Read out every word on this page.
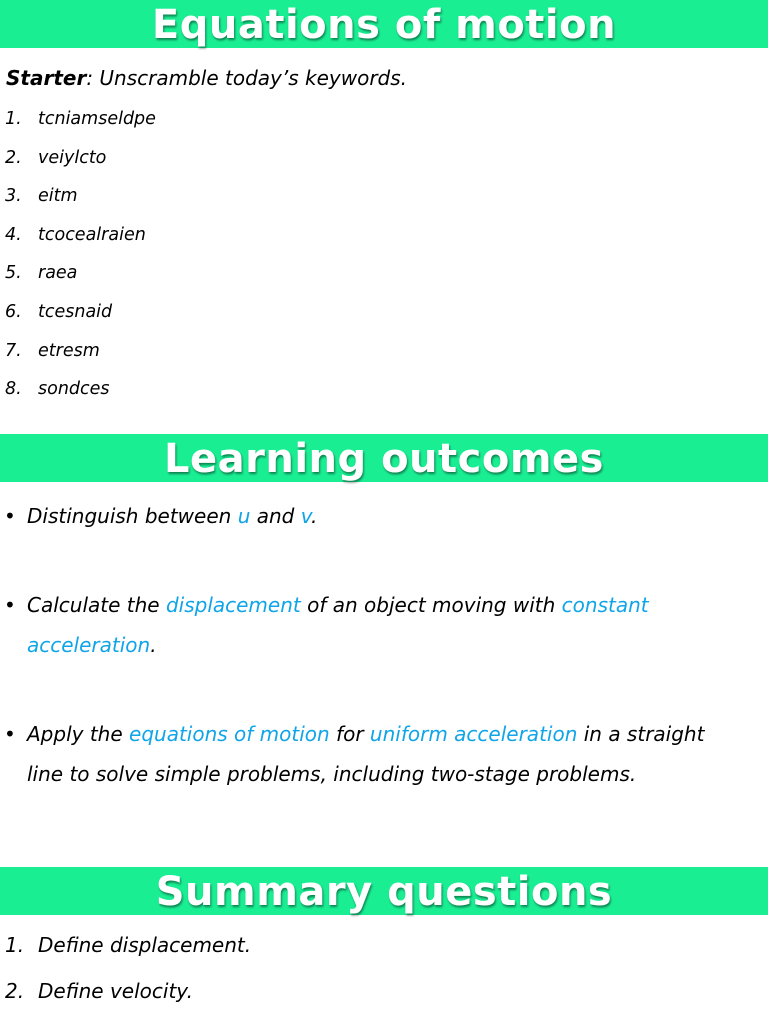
Equations of motion
Starter: Unscramble today’s keywords.
1. tcniamseldpe
2. veiylcto
3. eitm
4. tcocealraien
5. raea
6. tcesnaid
7. etresm
8. sondces
Learning outcomes
• Distinguish between u and v.
• Calculate the displacement of an object moving with constant acceleration.
• Apply the equations of motion for uniform acceleration in a straight line to solve simple problems, including two-stage problems.
Summary questions
1. Define displacement.
2. Define velocity.
